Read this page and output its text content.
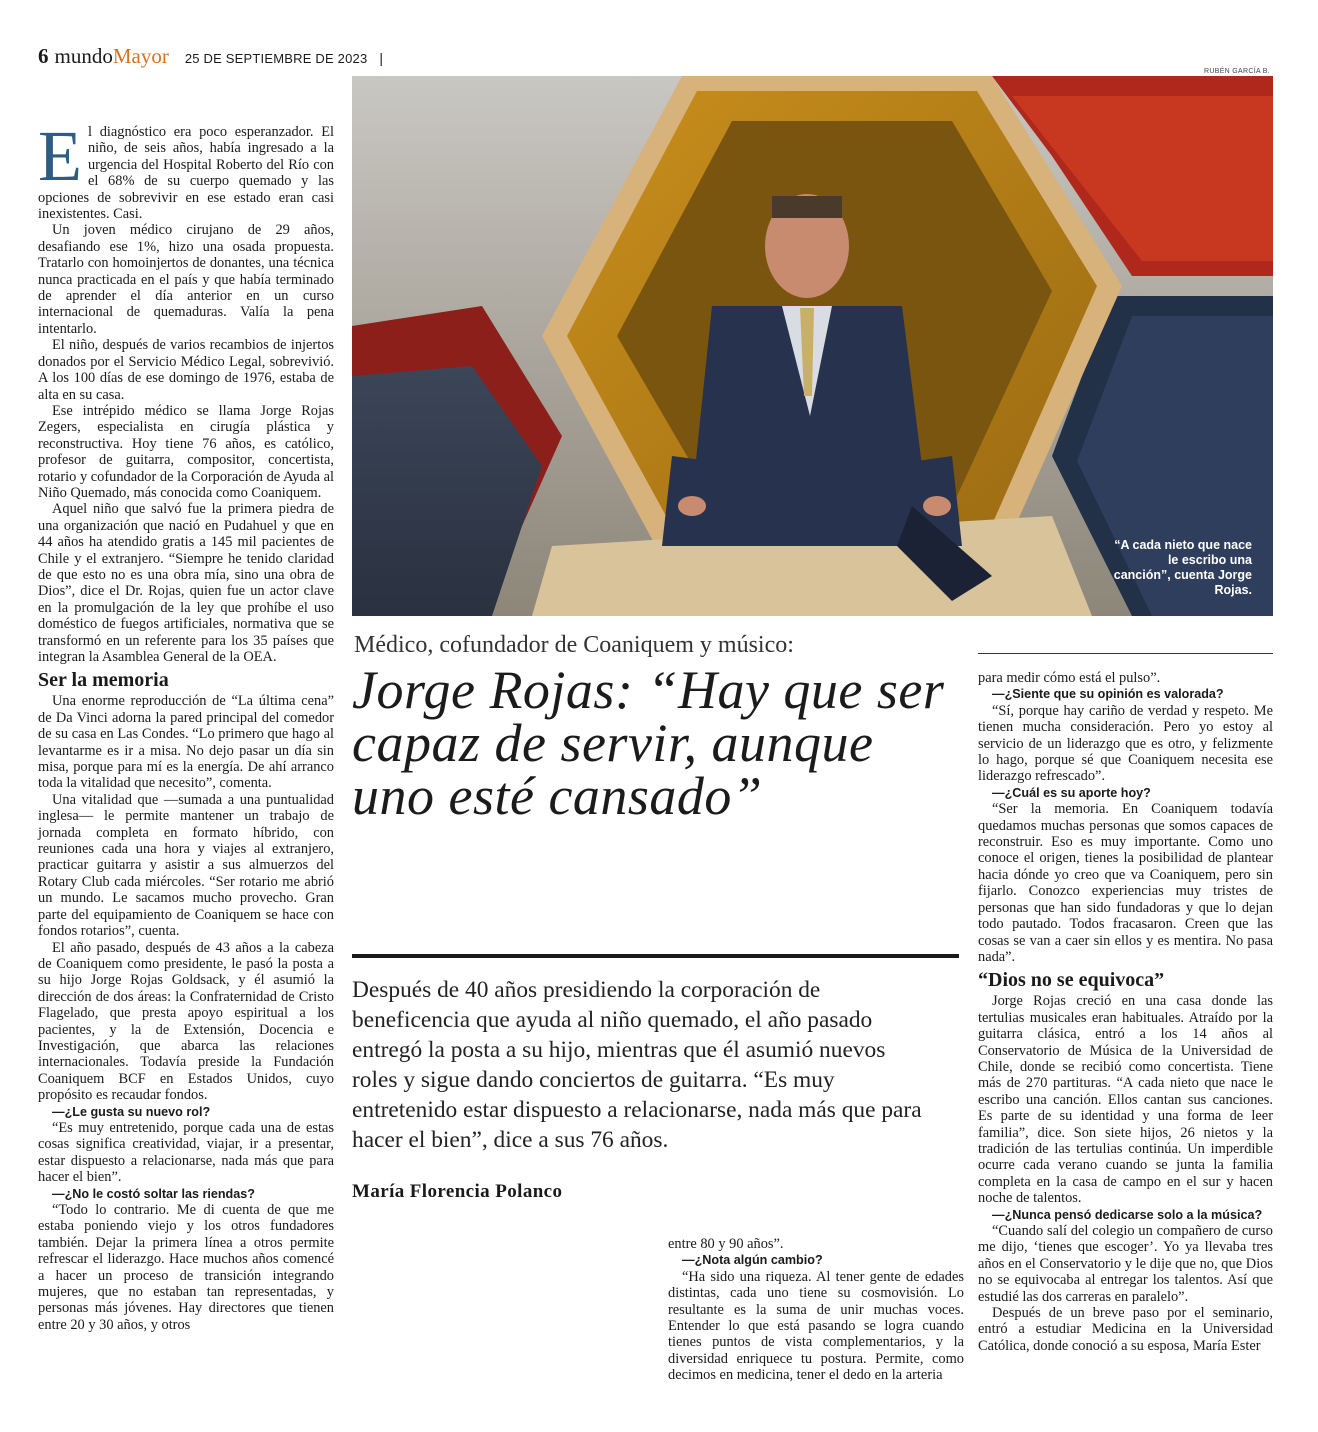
6 mundoMayor 25 DE SEPTIEMBRE DE 2023 |
RUBÉN GARCÍA B.
“A cada nieto que nace le escribo una canción”, cuenta Jorge Rojas.

El diagnóstico era poco esperanzador. El niño, de seis años, había ingresado a la urgencia del Hospital Roberto del Río con el 68% de su cuerpo quemado y las opciones de sobrevivir en ese estado eran casi inexistentes. Casi.

Un joven médico cirujano de 29 años, desafiando ese 1%, hizo una osada propuesta. Tratarlo con homoinjertos de donantes, una técnica nunca practicada en el país y que había terminado de aprender el día anterior en un curso internacional de quemaduras. Valía la pena intentarlo.

El niño, después de varios recambios de injertos donados por el Servicio Médico Legal, sobrevivió. A los 100 días de ese domingo de 1976, estaba de alta en su casa.

Ese intrépido médico se llama Jorge Rojas Zegers, especialista en cirugía plástica y reconstructiva. Hoy tiene 76 años, es católico, profesor de guitarra, compositor, concertista, rotario y cofundador de la Corporación de Ayuda al Niño Quemado, más conocida como Coaniquem.

Aquel niño que salvó fue la primera piedra de una organización que nació en Pudahuel y que en 44 años ha atendido gratis a 145 mil pacientes de Chile y el extranjero. “Siempre he tenido claridad de que esto no es una obra mía, sino una obra de Dios”, dice el Dr. Rojas, quien fue un actor clave en la promulgación de la ley que prohíbe el uso doméstico de fuegos artificiales, normativa que se transformó en un referente para los 35 países que integran la Asamblea General de la OEA.

Ser la memoria

Una enorme reproducción de “La última cena” de Da Vinci adorna la pared principal del comedor de su casa en Las Condes. “Lo primero que hago al levantarme es ir a misa. No dejo pasar un día sin misa, porque para mí es la energía. De ahí arranco toda la vitalidad que necesito”, comenta.

Una vitalidad que —sumada a una puntualidad inglesa— le permite mantener un trabajo de jornada completa en formato híbrido, con reuniones cada una hora y viajes al extranjero, practicar guitarra y asistir a sus almuerzos del Rotary Club cada miércoles. “Ser rotario me abrió un mundo. Le sacamos mucho provecho. Gran parte del equipamiento de Coaniquem se hace con fondos rotarios”, cuenta.

El año pasado, después de 43 años a la cabeza de Coaniquem como presidente, le pasó la posta a su hijo Jorge Rojas Goldsack, y él asumió la dirección de dos áreas: la Confraternidad de Cristo Flagelado, que presta apoyo espiritual a los pacientes, y la de Extensión, Docencia e Investigación, que abarca las relaciones internacionales. Todavía preside la Fundación Coaniquem BCF en Estados Unidos, cuyo propósito es recaudar fondos.

—¿Le gusta su nuevo rol?

“Es muy entretenido, porque cada una de estas cosas significa creatividad, viajar, ir a presentar, estar dispuesto a relacionarse, nada más que para hacer el bien”.

—¿No le costó soltar las riendas?

“Todo lo contrario. Me di cuenta de que me estaba poniendo viejo y los otros fundadores también. Dejar la primera línea a otros permite refrescar el liderazgo. Hace muchos años comencé a hacer un proceso de transición integrando mujeres, que no estaban tan representadas, y personas más jóvenes. Hay directores que tienen entre 20 y 30 años, y otros

Médico, cofundador de Coaniquem y músico:
Jorge Rojas: “Hay que ser capaz de servir, aunque uno esté cansado”
Después de 40 años presidiendo la corporación de beneficencia que ayuda al niño quemado, el año pasado entregó la posta a su hijo, mientras que él asumió nuevos roles y sigue dando conciertos de guitarra. “Es muy entretenido estar dispuesto a relacionarse, nada más que para hacer el bien”, dice a sus 76 años.
María Florencia Polanco

entre 80 y 90 años”.

—¿Nota algún cambio?

“Ha sido una riqueza. Al tener gente de edades distintas, cada uno tiene su cosmovisión. Lo resultante es la suma de unir muchas voces. Entender lo que está pasando se logra cuando tienes puntos de vista complementarios, y la diversidad enriquece tu postura. Permite, como decimos en medicina, tener el dedo en la arteria

para medir cómo está el pulso”.

—¿Siente que su opinión es valorada?

“Sí, porque hay cariño de verdad y respeto. Me tienen mucha consideración. Pero yo estoy al servicio de un liderazgo que es otro, y felizmente lo hago, porque sé que Coaniquem necesita ese liderazgo refrescado”.

—¿Cuál es su aporte hoy?

“Ser la memoria. En Coaniquem todavía quedamos muchas personas que somos capaces de reconstruir. Eso es muy importante. Como uno conoce el origen, tienes la posibilidad de plantear hacia dónde yo creo que va Coaniquem, pero sin fijarlo. Conozco experiencias muy tristes de personas que han sido fundadoras y que lo dejan todo pautado. Todos fracasaron. Creen que las cosas se van a caer sin ellos y es mentira. No pasa nada”.

“Dios no se equivoca”

Jorge Rojas creció en una casa donde las tertulias musicales eran habituales. Atraído por la guitarra clásica, entró a los 14 años al Conservatorio de Música de la Universidad de Chile, donde se recibió como concertista. Tiene más de 270 partituras. “A cada nieto que nace le escribo una canción. Ellos cantan sus canciones. Es parte de su identidad y una forma de leer familia”, dice. Son siete hijos, 26 nietos y la tradición de las tertulias continúa. Un imperdible ocurre cada verano cuando se junta la familia completa en la casa de campo en el sur y hacen noche de talentos.

—¿Nunca pensó dedicarse solo a la música?

“Cuando salí del colegio un compañero de curso me dijo, ‘tienes que escoger’. Yo ya llevaba tres años en el Conservatorio y le dije que no, que Dios no se equivocaba al entregar los talentos. Así que estudié las dos carreras en paralelo”.

Después de un breve paso por el seminario, entró a estudiar Medicina en la Universidad Católica, donde conoció a su esposa, María Ester
